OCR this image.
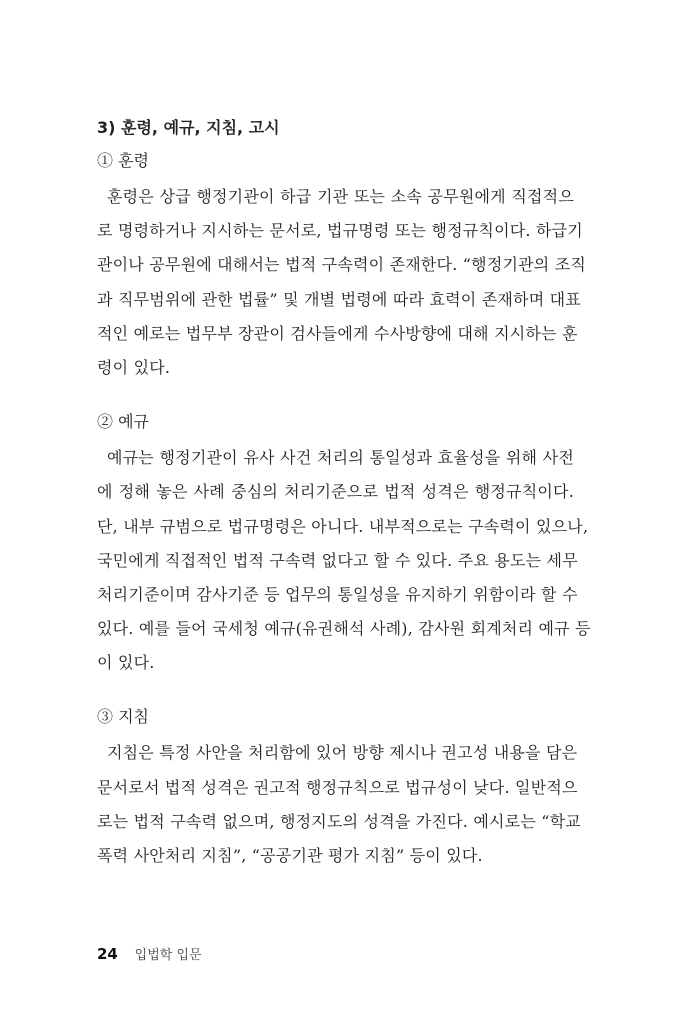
3) 훈령, 예규, 지침, 고시
① 훈령
훈령은 상급 행정기관이 하급 기관 또는 소속 공무원에게 직접적으
로 명령하거나 지시하는 문서로, 법규명령 또는 행정규칙이다. 하급기
관이나 공무원에 대해서는 법적 구속력이 존재한다. “행정기관의 조직
과 직무범위에 관한 법률” 및 개별 법령에 따라 효력이 존재하며 대표
적인 예로는 법무부 장관이 검사들에게 수사방향에 대해 지시하는 훈
령이 있다.
② 예규
예규는 행정기관이 유사 사건 처리의 통일성과 효율성을 위해 사전
에 정해 놓은 사례 중심의 처리기준으로 법적 성격은 행정규칙이다.
단, 내부 규범으로 법규명령은 아니다. 내부적으로는 구속력이 있으나,
국민에게 직접적인 법적 구속력 없다고 할 수 있다. 주요 용도는 세무
처리기준이며 감사기준 등 업무의 통일성을 유지하기 위함이라 할 수
있다. 예를 들어 국세청 예규(유권해석 사례), 감사원 회계처리 예규 등
이 있다.
③ 지침
지침은 특정 사안을 처리함에 있어 방향 제시나 권고성 내용을 담은
문서로서 법적 성격은 권고적 행정규칙으로 법규성이 낮다. 일반적으
로는 법적 구속력 없으며, 행정지도의 성격을 가진다. 예시로는 “학교
폭력 사안처리 지침”, “공공기관 평가 지침” 등이 있다.
24 입법학 입문
